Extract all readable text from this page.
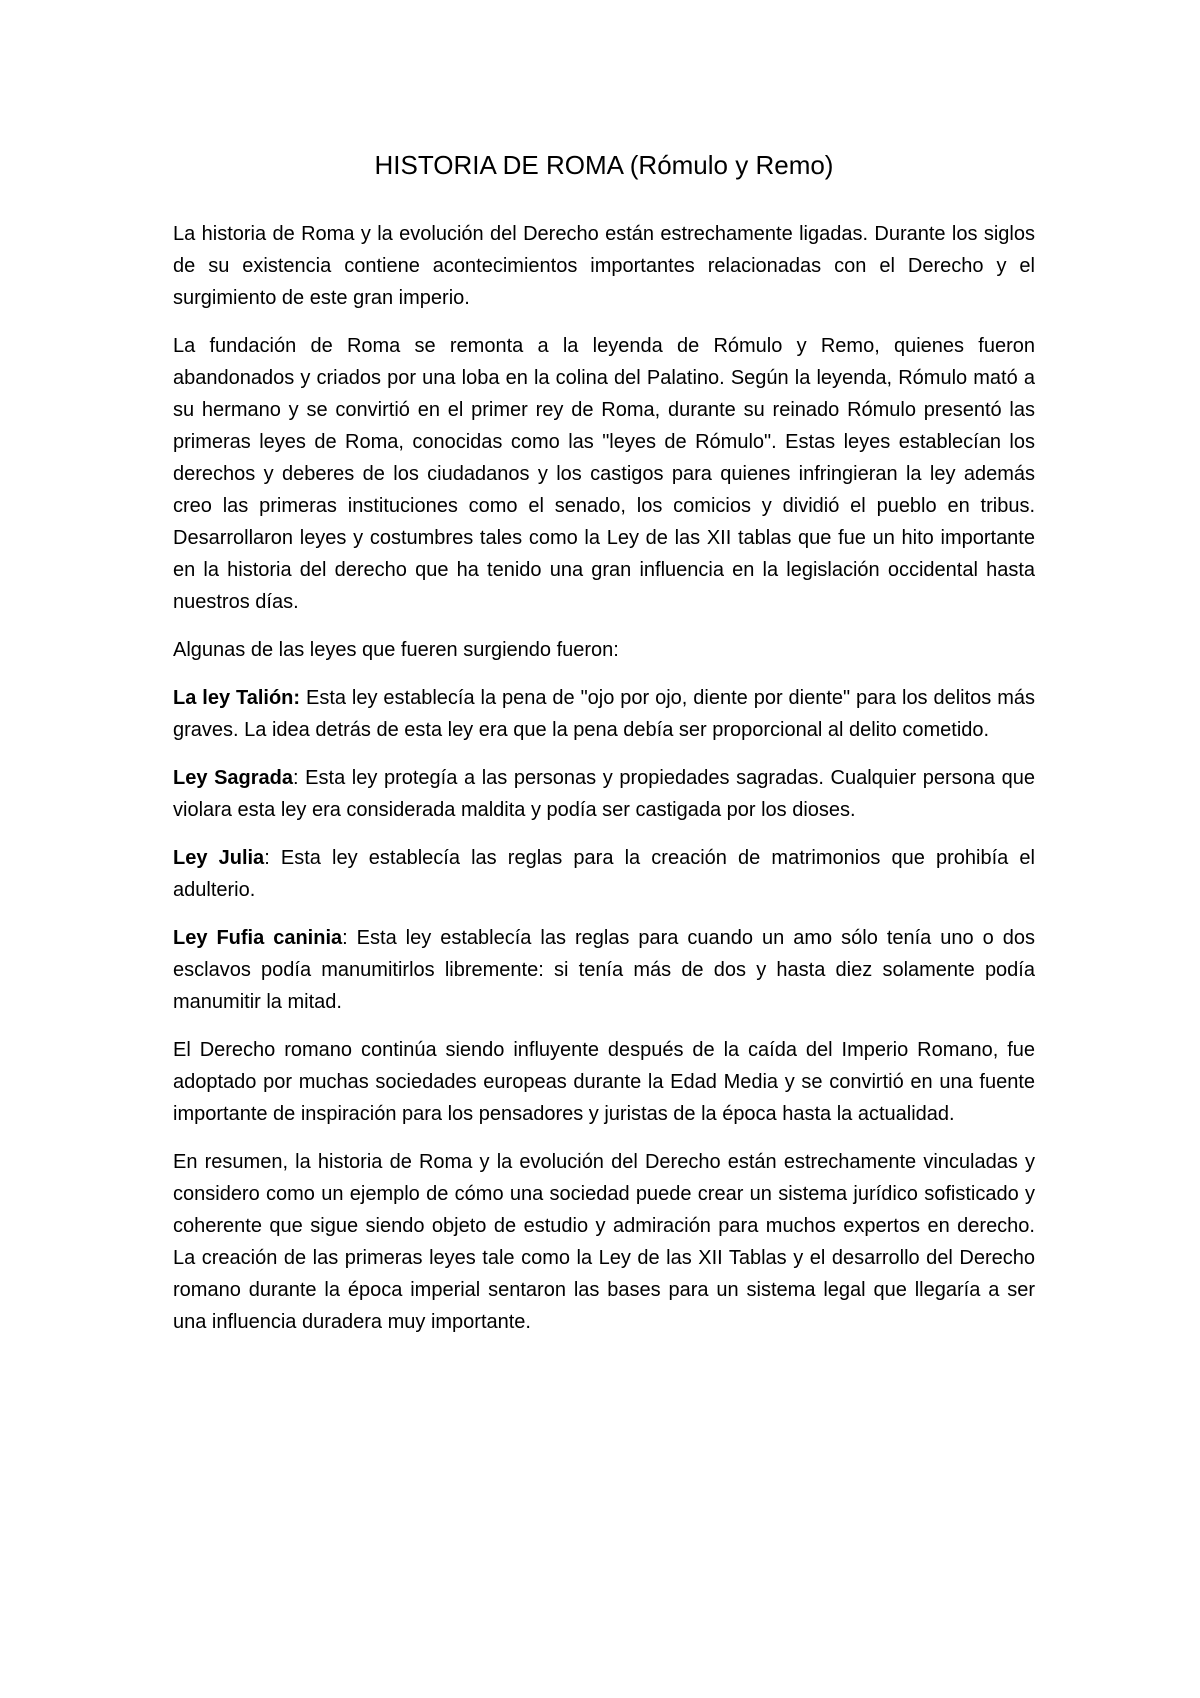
HISTORIA DE ROMA (Rómulo y Remo)

La historia de Roma y la evolución del Derecho están estrechamente ligadas. Durante los siglos de su existencia contiene acontecimientos importantes relacionadas con el Derecho y el surgimiento de este gran imperio.

La fundación de Roma se remonta a la leyenda de Rómulo y Remo, quienes fueron abandonados y criados por una loba en la colina del Palatino. Según la leyenda, Rómulo mató a su hermano y se convirtió en el primer rey de Roma, durante su reinado Rómulo presentó las primeras leyes de Roma, conocidas como las "leyes de Rómulo". Estas leyes establecían los derechos y deberes de los ciudadanos y los castigos para quienes infringieran la ley además creo las primeras instituciones como el senado, los comicios y dividió el pueblo en tribus. Desarrollaron leyes y costumbres tales como la Ley de las XII tablas que fue un hito importante en la historia del derecho que ha tenido una gran influencia en la legislación occidental hasta nuestros días.

Algunas de las leyes que fueren surgiendo fueron:

La ley Talión: Esta ley establecía la pena de "ojo por ojo, diente por diente" para los delitos más graves. La idea detrás de esta ley era que la pena debía ser proporcional al delito cometido.

Ley Sagrada: Esta ley protegía a las personas y propiedades sagradas. Cualquier persona que violara esta ley era considerada maldita y podía ser castigada por los dioses.

Ley Julia: Esta ley establecía las reglas para la creación de matrimonios que prohibía el adulterio.

Ley Fufia caninia: Esta ley establecía las reglas para cuando un amo sólo tenía uno o dos esclavos podía manumitirlos libremente: si tenía más de dos y hasta diez solamente podía manumitir la mitad.

El Derecho romano continúa siendo influyente después de la caída del Imperio Romano, fue adoptado por muchas sociedades europeas durante la Edad Media y se convirtió en una fuente importante de inspiración para los pensadores y juristas de la época hasta la actualidad.

En resumen, la historia de Roma y la evolución del Derecho están estrechamente vinculadas y considero como un ejemplo de cómo una sociedad puede crear un sistema jurídico sofisticado y coherente que sigue siendo objeto de estudio y admiración para muchos expertos en derecho. La creación de las primeras leyes tale como la Ley de las XII Tablas y el desarrollo del Derecho romano durante la época imperial sentaron las bases para un sistema legal que llegaría a ser una influencia duradera muy importante.
